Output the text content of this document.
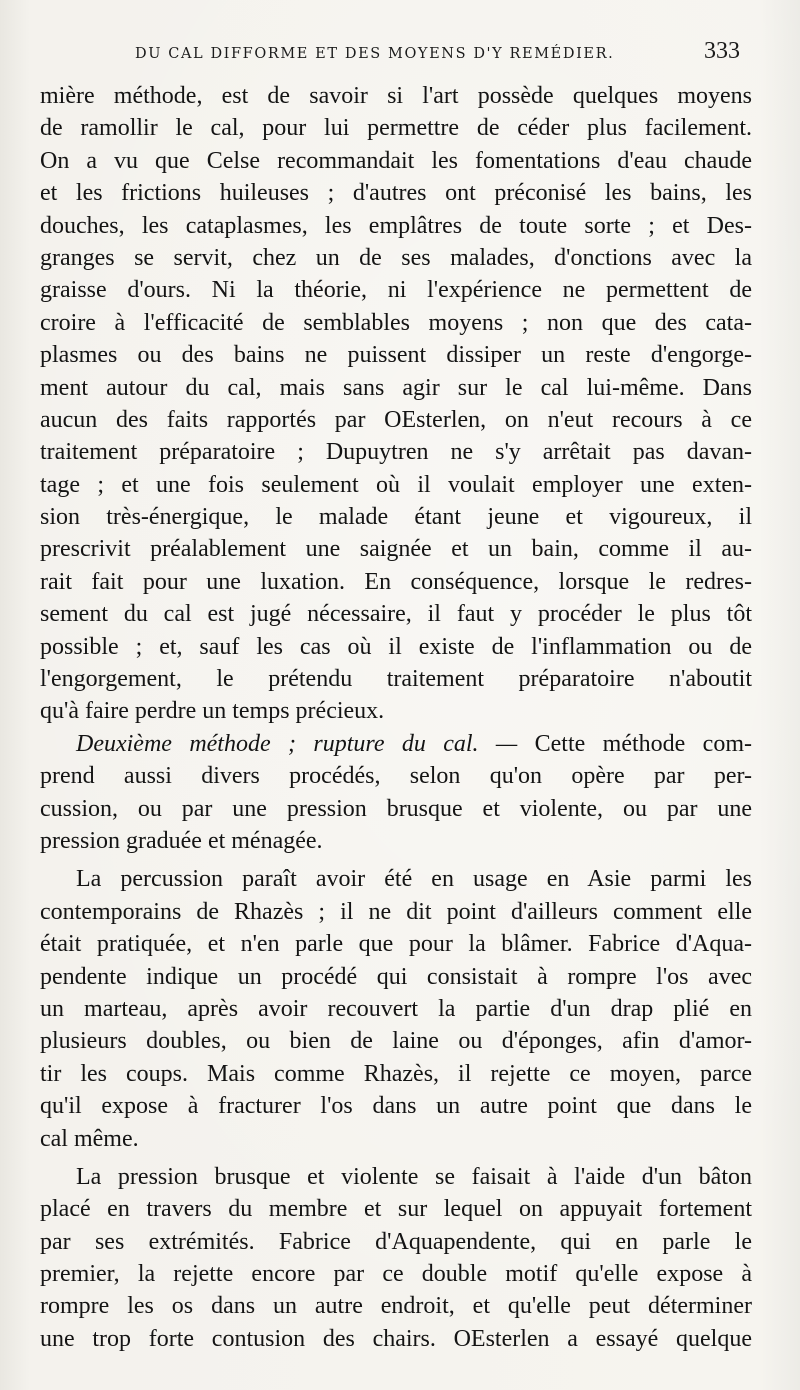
DU CAL DIFFORME ET DES MOYENS D'Y REMÉDIER.	333
mière méthode, est de savoir si l'art possède quelques moyens
de ramollir le cal, pour lui permettre de céder plus facilement.
On a vu que Celse recommandait les fomentations d'eau chaude
et les frictions huileuses ; d'autres ont préconisé les bains, les
douches, les cataplasmes, les emplâtres de toute sorte ; et Des-
granges se servit, chez un de ses malades, d'onctions avec la
graisse d'ours. Ni la théorie, ni l'expérience ne permettent de
croire à l'efficacité de semblables moyens ; non que des cata-
plasmes ou des bains ne puissent dissiper un reste d'engorge-
ment autour du cal, mais sans agir sur le cal lui-même. Dans
aucun des faits rapportés par OEsterlen, on n'eut recours à ce
traitement préparatoire ; Dupuytren ne s'y arrêtait pas davan-
tage ; et une fois seulement où il voulait employer une exten-
sion très-énergique, le malade étant jeune et vigoureux, il
prescrivit préalablement une saignée et un bain, comme il au-
rait fait pour une luxation. En conséquence, lorsque le redres-
sement du cal est jugé nécessaire, il faut y procéder le plus tôt
possible ; et, sauf les cas où il existe de l'inflammation ou de
l'engorgement, le prétendu traitement préparatoire n'aboutit
qu'à faire perdre un temps précieux.
Deuxième méthode ; rupture du cal. — Cette méthode com-
prend aussi divers procédés, selon qu'on opère par per-
cussion, ou par une pression brusque et violente, ou par une
pression graduée et ménagée.
La percussion paraît avoir été en usage en Asie parmi les
contemporains de Rhazès ; il ne dit point d'ailleurs comment elle
était pratiquée, et n'en parle que pour la blâmer. Fabrice d'Aqua-
pendente indique un procédé qui consistait à rompre l'os avec
un marteau, après avoir recouvert la partie d'un drap plié en
plusieurs doubles, ou bien de laine ou d'éponges, afin d'amor-
tir les coups. Mais comme Rhazès, il rejette ce moyen, parce
qu'il expose à fracturer l'os dans un autre point que dans le
cal même.
La pression brusque et violente se faisait à l'aide d'un bâton
placé en travers du membre et sur lequel on appuyait fortement
par ses extrémités. Fabrice d'Aquapendente, qui en parle le
premier, la rejette encore par ce double motif qu'elle expose à
rompre les os dans un autre endroit, et qu'elle peut déterminer
une trop forte contusion des chairs. OEsterlen a essayé quelque
